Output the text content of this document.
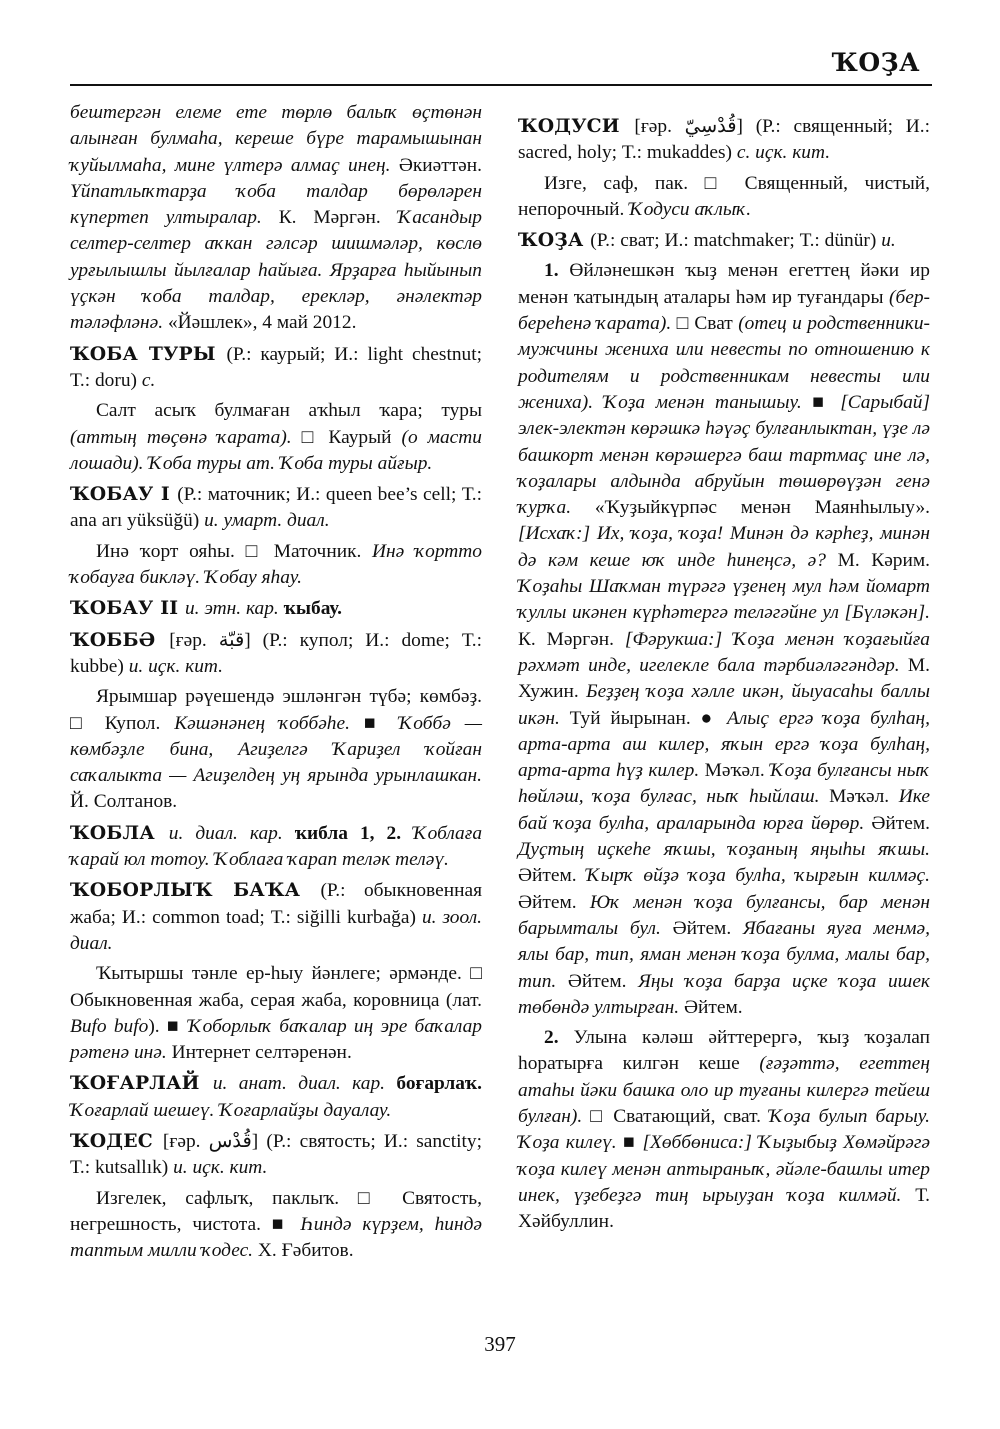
ҠОҘА

бештергән елеме ете төрлө балыҡ өҫтөнән алынған булмаһа, кереше бүре тарамышынан ҡуйылмаһа, мине үлтерә алмаҫ инең. Әкиәттән. Үйпатлыҡтарҙа ҡоба талдар бөрөләрен күпертеп ултыралар. К. Мәргән. Ҡасандыр селтер-селтер аҡкан гәлсәр шишмәләр, көслө урғылышлы йылғалар һайыға. Ярҙарға һыйынып үҫкән ҡоба талдар, ерекләр, әнәлектәр тәләфләнә. «Йәшлек», 4 май 2012.

ҠОБА ТУРЫ (Р.: каурый; И.: light chestnut; Т.: doru) с.

Салт асыҡ булмаған аҡһыл ҡара; туры (аттың төҫөнә ҡарата). □ Каурый (о масти лошади). Ҡоба туры ат. Ҡоба туры айғыр.

ҠОБАУ I (Р.: маточник; И.: queen bee’s cell; Т.: ana arı yüksüğü) и. умарт. диал.

Инә ҡорт ояһы. □ Маточник. Инә ҡортто ҡобауға бикләү. Ҡобау яһау.

ҠОБАУ II и. этн. кар. ҡыбау.

ҠОББӘ [ғәр. قبّة] (Р.: купол; И.: dome; Т.: kubbe) и. иҫк. кит.

Ярымшар рәүешендә эшләнгән түбә; көмбәҙ. □ Купол. Кәшәнәнең ҡоббәһе. ■ Ҡоббә — көмбәҙле бина, Агиҙелгә Ҡариҙел ҡойған саҡалыкта — Агиҙелдең уң ярында урынлашкан. Й. Солтанов.

ҠОБЛА и. диал. кар. ҡибла 1, 2. Ҡоблаға ҡарай юл тотоу. Ҡоблаға ҡарап теләк теләү.

ҠОБОРЛЫҠ БАҠА (Р.: обыкновенная жаба; И.: common toad; Т.: siğilli kurbağa) и. зоол. диал.

Ҡытыршы тәнле ер-һыу йәнлеге; әрмәнде. □ Обыкновенная жаба, серая жаба, коровница (лат. Bufo bufo). ■ Ҡоборлыҡ баҡалар иң эре баҡалар рәтенә инә. Интернет селтәренән.

ҠОҒАРЛАЙ и. анат. диал. кар. боғарлаҡ. Ҡоғарлай шешеү. Ҡоғарлайҙы дауалау.

ҠОДЕС [ғәр. قُدْس] (Р.: святость; И.: sanctity; Т.: kutsallık) и. иҫк. кит.

Изгелек, сафлыҡ, паклыҡ. □ Святость, негрешность, чистота. ■ Һиндә күрҙем, һиндә таптым милли ҡодес. Х. Ғәбитов.

ҠОДУСИ [ғәр. قُدْسِيّ] (Р.: священный; И.: sacred, holy; Т.: mukaddes) с. иҫк. кит.

Изге, саф, пак. □ Священный, чистый, непорочный. Ҡодуси аҡлыҡ.

ҠОҘА (Р.: сват; И.: matchmaker; Т.: dünür) и.

1. Өйләнешкән ҡыҙ менән егеттең йәки ир менән ҡатындың аталары һәм ир туғандары (бер-береһенә ҡарата). □ Сват (отец и родственники-мужчины жениха или невесты по отношению к родителям и родственникам невесты или жениха). Ҡоҙа менән танышыу. ■ [Сарыбай] элек-электән көрәшкә һәүәҫ булғанлыктан, үҙе лә башкорт менән көрәшергә баш тартмаҫ ине лә, ҡоҙалары алдында абруйын төшөрөүҙән генә ҡурҡа. «Ҡуҙыйкүрпәс менән Маянһылыу». [Исхаҡ:] Их, ҡоҙа, ҡоҙа! Минән дә кәрһеҙ, минән дә кәм кеше юҡ инде һинеңсә, ә? М. Кәрим. Ҡоҙаһы Шаҡман түрәгә үҙенең мул һәм йомарт ҡуллы икәнен күрһәтергә теләгәйне ул [Бүләкән]. К. Мәргән. [Фәрукша:] Ҡоҙа менән ҡоҙағыйға рәхмәт инде, игелекле бала тәрбиәләгәндәр. М. Хужин. Беҙҙең ҡоҙа хәлле икән, йыуасаһы баллы икән. Туй йырынан. ● Алыҫ ергә ҡоҙа булһаң, арта-арта аш килер, яҡын ергә ҡоҙа булһаң, арта-арта һүҙ килер. Мәҡәл. Ҡоҙа булғансы ныҡ һөйләш, ҡоҙа булғас, ныҡ һыйлаш. Мәҡәл. Ике бай ҡоҙа булһа, араларында юрға йөрөр. Әйтем. Дуҫтың иҫкеһе яҡшы, ҡоҙаның яңыһы яҡшы. Әйтем. Ҡырҡ өйҙә ҡоҙа булһа, ҡырғын килмәҫ. Әйтем. Юҡ менән ҡоҙа булғансы, бар менән барымталы бул. Әйтем. Ябағаны яуға менмә, ялы бар, тип, яман менән ҡоҙа булма, малы бар, тип. Әйтем. Яңы ҡоҙа барҙа иҫке ҡоҙа ишек төбөндә ултырған. Әйтем.

2. Улына кәләш әйттерергә, ҡыҙ ҡоҙалап һоратырға килгән кеше (ғәҙәттә, егеттең атаһы йәки башка оло ир туғаны килергә тейеш булған). □ Сватающий, сват. Ҡоҙа булып барыу. Ҡоҙа килеү. ■ [Хөббөниса:] Ҡыҙыбыҙ Хөмәйрәгә ҡоҙа килеү менән аптыраныҡ, әйәле-башлы итер инек, үҙебеҙгә тиң ырыуҙан ҡоҙа килмәй. Т. Хәйбуллин.

397
